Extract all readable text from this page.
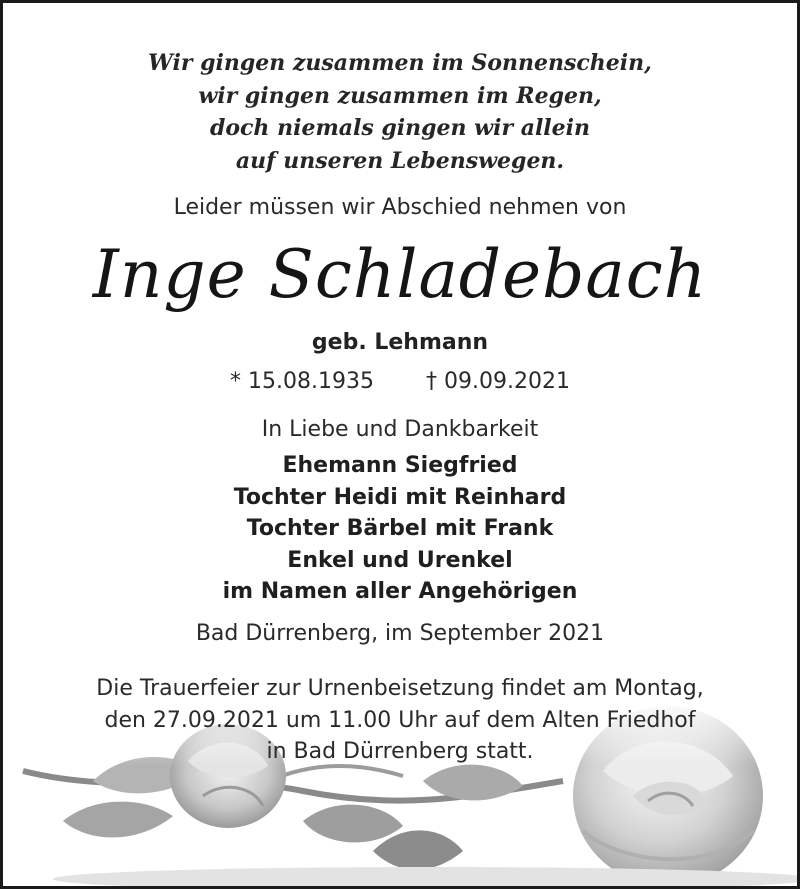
Wir gingen zusammen im Sonnenschein,
wir gingen zusammen im Regen,
doch niemals gingen wir allein
auf unseren Lebenswegen.
Leider müssen wir Abschied nehmen von
Inge Schladebach
geb. Lehmann
* 15.08.1935 † 09.09.2021
In Liebe und Dankbarkeit
Ehemann Siegfried
Tochter Heidi mit Reinhard
Tochter Bärbel mit Frank
Enkel und Urenkel
im Namen aller Angehörigen
Bad Dürrenberg, im September 2021
Die Trauerfeier zur Urnenbeisetzung findet am Montag,
den 27.09.2021 um 11.00 Uhr auf dem Alten Friedhof
in Bad Dürrenberg statt.
